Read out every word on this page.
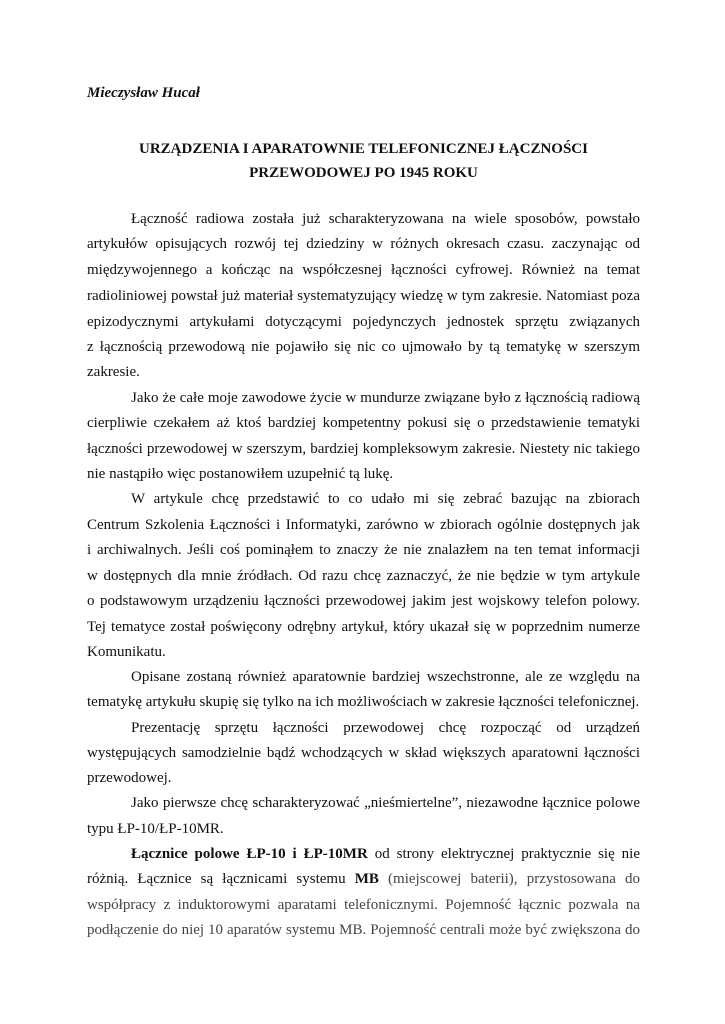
Mieczysław Hucał

URZĄDZENIA I APARATOWNIE TELEFONICZNEJ ŁĄCZNOŚCI

PRZEWODOWEJ PO 1945 ROKU

Łączność radiowa została już scharakteryzowana na wiele sposobów, powstało

artykułów opisujących rozwój tej dziedziny w różnych okresach czasu. zaczynając od

międzywojennego a kończąc na współczesnej łączności cyfrowej. Również na temat

radioliniowej powstał już materiał systematyzujący wiedzę w tym zakresie. Natomiast poza

epizodycznymi artykułami dotyczącymi pojedynczych jednostek sprzętu związanych

z łącznością przewodową nie pojawiło się nic co ujmowało by tą tematykę w szerszym

zakresie.

Jako że całe moje zawodowe życie w mundurze związane było z łącznością radiową

cierpliwie czekałem aż ktoś bardziej kompetentny pokusi się o przedstawienie tematyki

łączności przewodowej w szerszym, bardziej kompleksowym zakresie. Niestety nic takiego

nie nastąpiło więc postanowiłem uzupełnić tą lukę.

W artykule chcę przedstawić to co udało mi się zebrać bazując na zbiorach

Centrum Szkolenia Łączności i Informatyki, zarówno w zbiorach ogólnie dostępnych jak

i archiwalnych. Jeśli coś pominąłem to znaczy że nie znalazłem na ten temat informacji

w dostępnych dla mnie źródłach. Od razu chcę zaznaczyć, że nie będzie w tym artykule

o podstawowym urządzeniu łączności przewodowej jakim jest wojskowy telefon polowy.

Tej tematyce został poświęcony odrębny artykuł, który ukazał się w poprzednim numerze

Komunikatu.

Opisane zostaną również aparatownie bardziej wszechstronne, ale ze względu na

tematykę artykułu skupię się tylko na ich możliwościach w zakresie łączności telefonicznej.

Prezentację sprzętu łączności przewodowej chcę rozpocząć od urządzeń

występujących samodzielnie bądź wchodzących w skład większych aparatowni łączności

przewodowej.

Jako pierwsze chcę scharakteryzować „nieśmiertelne”, niezawodne łącznice polowe

typu ŁP-10/ŁP-10MR.

Łącznice polowe ŁP-10 i ŁP-10MR od strony elektrycznej praktycznie się nie

różnią. Łącznice są łącznicami systemu MB (miejscowej baterii), przystosowana do

współpracy z induktorowymi aparatami telefonicznymi. Pojemność łącznic pozwala na

podłączenie do niej 10 aparatów systemu MB. Pojemność centrali może być zwiększona do
